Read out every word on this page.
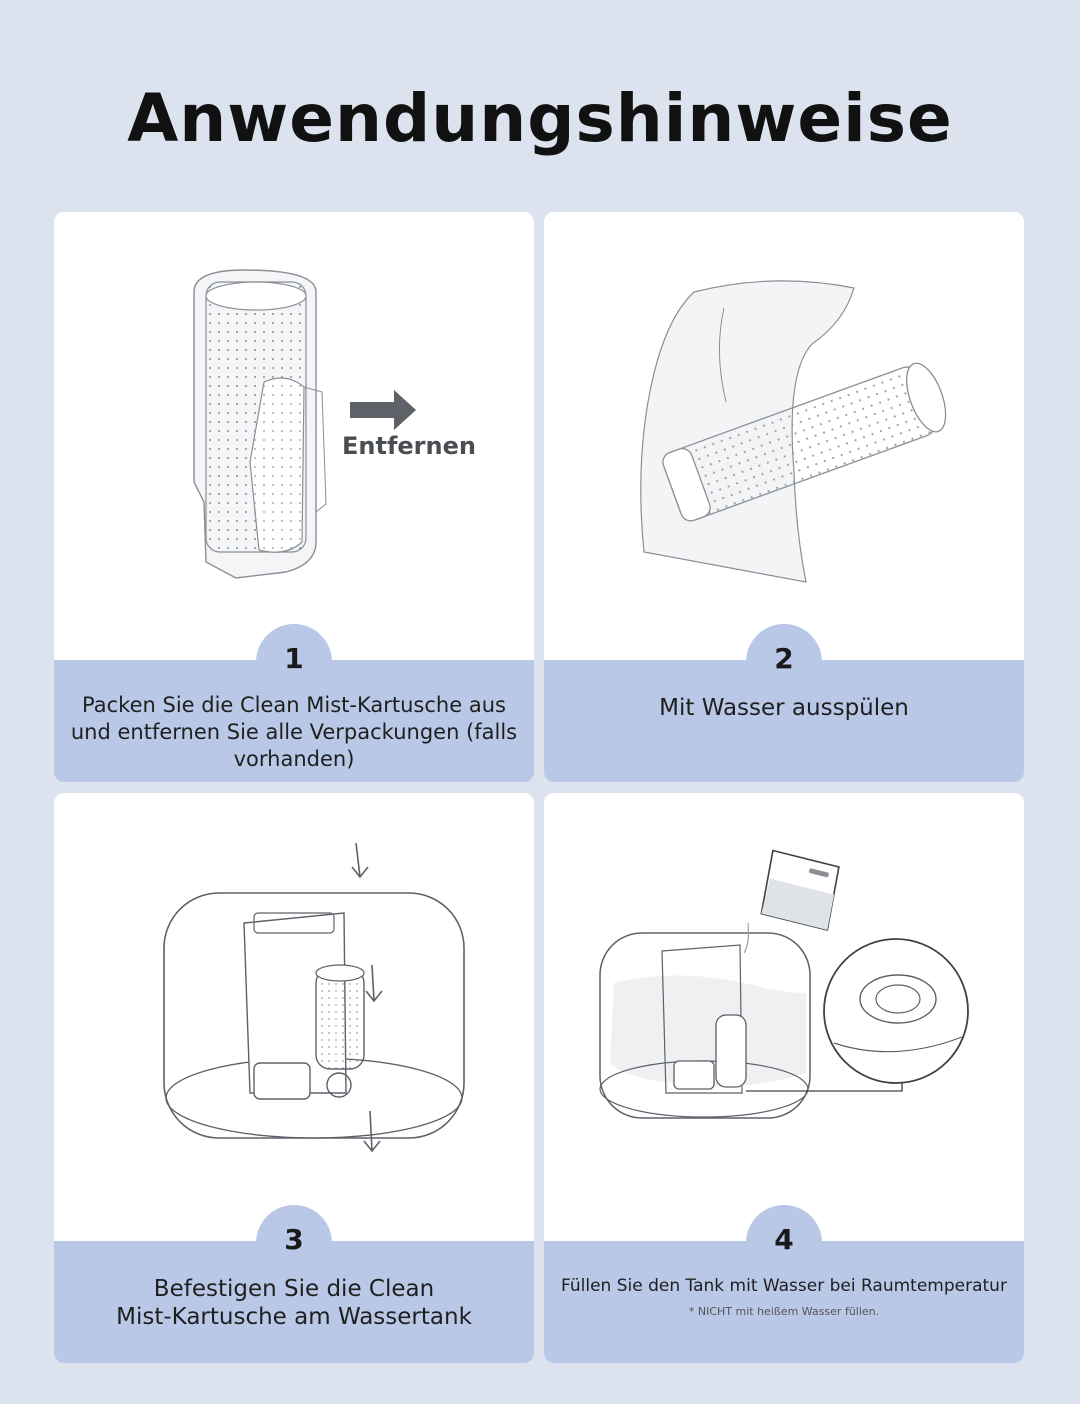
Anwendungshinweise
Entfernen
1
Packen Sie die Clean Mist-Kartusche aus und entfernen Sie alle Verpackungen (falls vorhanden)
2
Mit Wasser ausspülen
3
Befestigen Sie die Clean
Mist-Kartusche am Wassertank
4
Füllen Sie den Tank mit Wasser bei Raumtemperatur
* NICHT mit heißem Wasser füllen.
